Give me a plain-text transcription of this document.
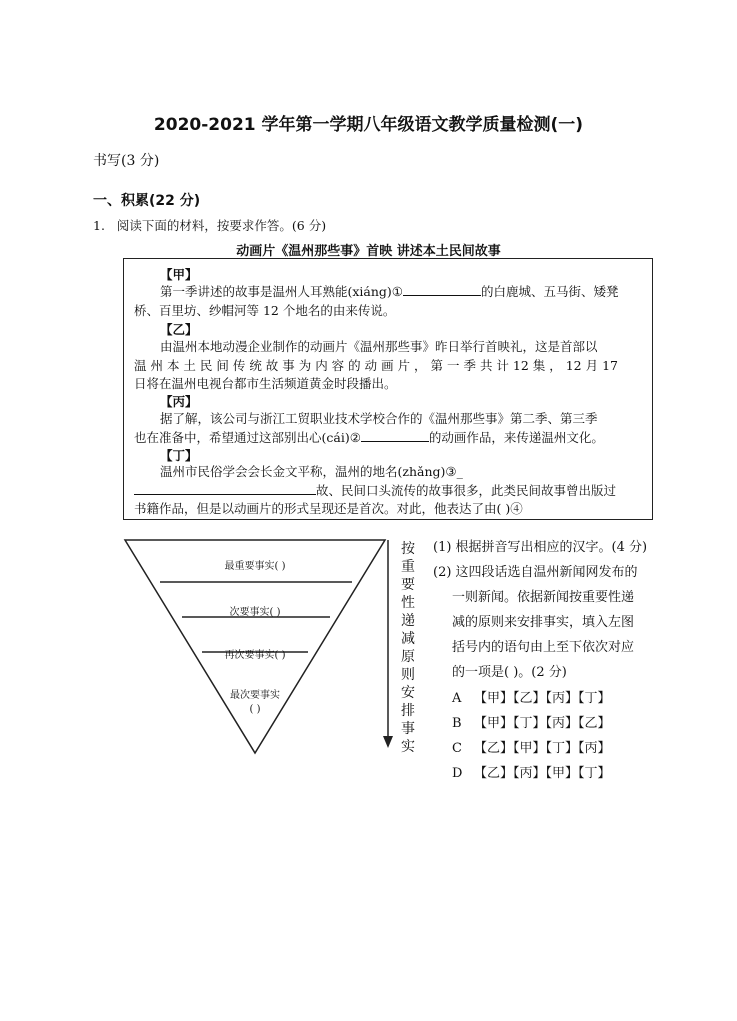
2020-2021 学年第一学期八年级语文教学质量检测(一)
书写(3 分)
一、积累(22 分)
1. 阅读下面的材料，按要求作答。(6 分)
动画片《温州那些事》首映 讲述本土民间故事
【甲】
第一季讲述的故事是温州人耳熟能(xiáng)①	的白鹿城、五马街、矮凳
桥、百里坊、纱帽河等 12 个地名的由来传说。
【乙】
由温州本地动漫企业制作的动画片《温州那些事》昨日举行首映礼，这是首部以
温 州 本 土 民 间 传 统 故 事 为 内 容 的 动 画 片 ， 第 一 季 共 计 12 集 ， 12 月 17
日将在温州电视台都市生活频道黄金时段播出。
【丙】
据了解，该公司与浙江工贸职业技术学校合作的《温州那些事》第二季、第三季
也在准备中，希望通过这部别出心(cái)②	的动画作品，来传递温州文化。
【丁】
温州市民俗学会会长金文平称，温州的地名(zhǎng)③_
故、民间口头流传的故事很多，此类民间故事曾出版过
书籍作品，但是以动画片的形式呈现还是首次。对此，他表达了由( )④
最重要事实( )
次要事实( )
再次要事实( )
最次要事实
( )
按
重
要
性
递
减
原
则
安
排
事
实
(1) 根据拼音写出相应的汉字。(4 分)
(2) 这四段话选自温州新闻网发布的
一则新闻。依据新闻按重要性递
减的原则来安排事实，填入左图
括号内的语句由上至下依次对应
的一项是( )。(2 分)
A 【甲】【乙】【丙】【丁】
B 【甲】【丁】【丙】【乙】
C 【乙】【甲】【丁】【丙】
D 【乙】【丙】【甲】【丁】
